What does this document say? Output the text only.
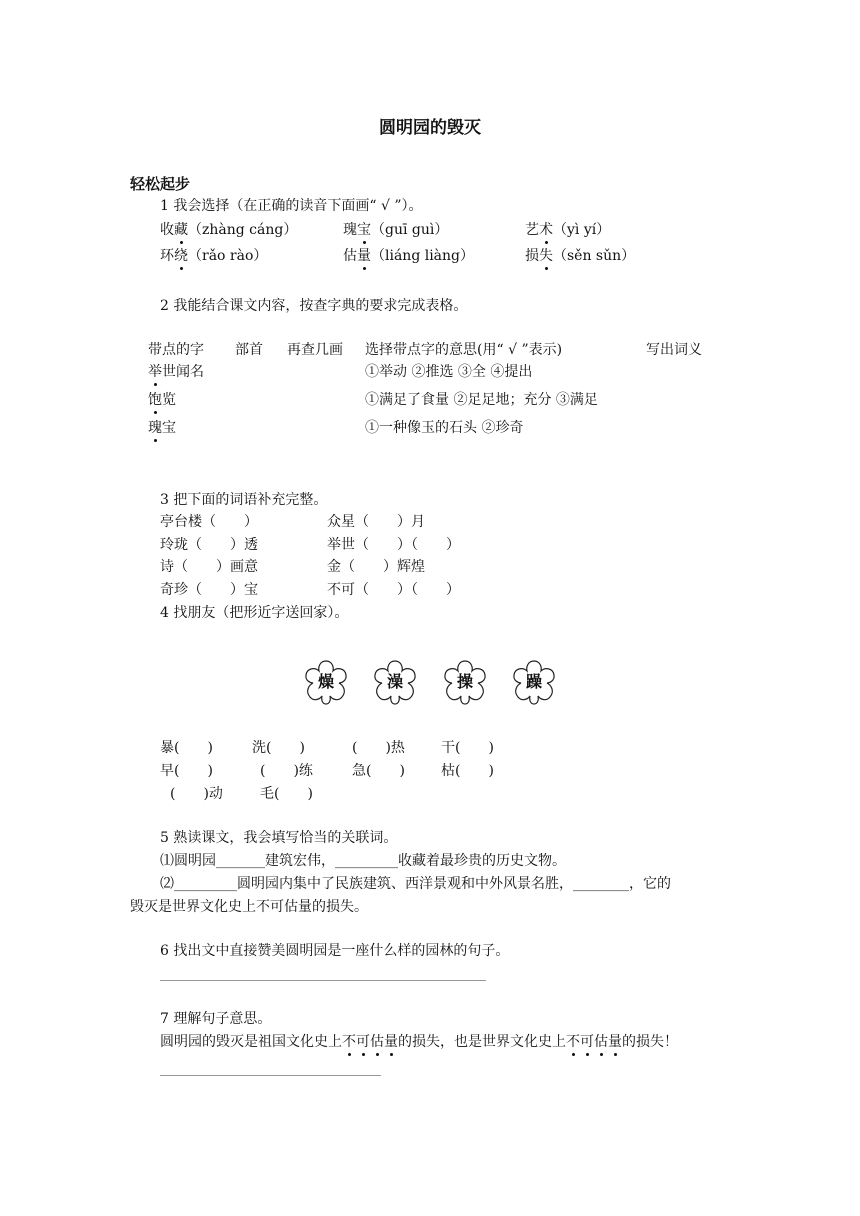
圆明园的毁灭
轻松起步
1 我会选择（在正确的读音下面画“ √ ”）。
收藏（zhàng cáng）	瑰宝（guī guì）	艺术（yì yí）
环绕（rǎo rào）	估量（liáng liàng）	损失（sěn sǔn）
2 我能结合课文内容，按查字典的要求完成表格。
带点的字 部首 再查几画 选择带点字的意思(用“ √ ”表示)	写出词义
举世闻名	①举动 ②推选 ③全 ④提出
饱览	①满足了食量 ②足足地；充分 ③满足
瑰宝	①一种像玉的石头 ②珍奇
3 把下面的词语补充完整。
亭台楼（　　）	众星（　　）月
玲珑（　　）透	举世（　　）（　　）
诗（　　）画意	金（　　）辉煌
奇珍（　　）宝	不可（　　）（　　）
4 找朋友（把形近字送回家）。
燥	澡	操	躁
暴(　　)	洗(　　)	(　　)热	干(　　)
早(　　)	(　　)练	急(　　)	枯(　　)
(　　)动	毛(　　)
5 熟读课文，我会填写恰当的关联词。
⑴圆明园_______建筑宏伟，_________收藏着最珍贵的历史文物。
⑵_________圆明园内集中了民族建筑、西洋景观和中外风景名胜，________，它的
毁灭是世界文化史上不可估量的损失。
6 找出文中直接赞美圆明园是一座什么样的园林的句子。
7 理解句子意思。
圆明园的毁灭是祖国文化史上不可估量的损失，也是世界文化史上不可估量的损失！
